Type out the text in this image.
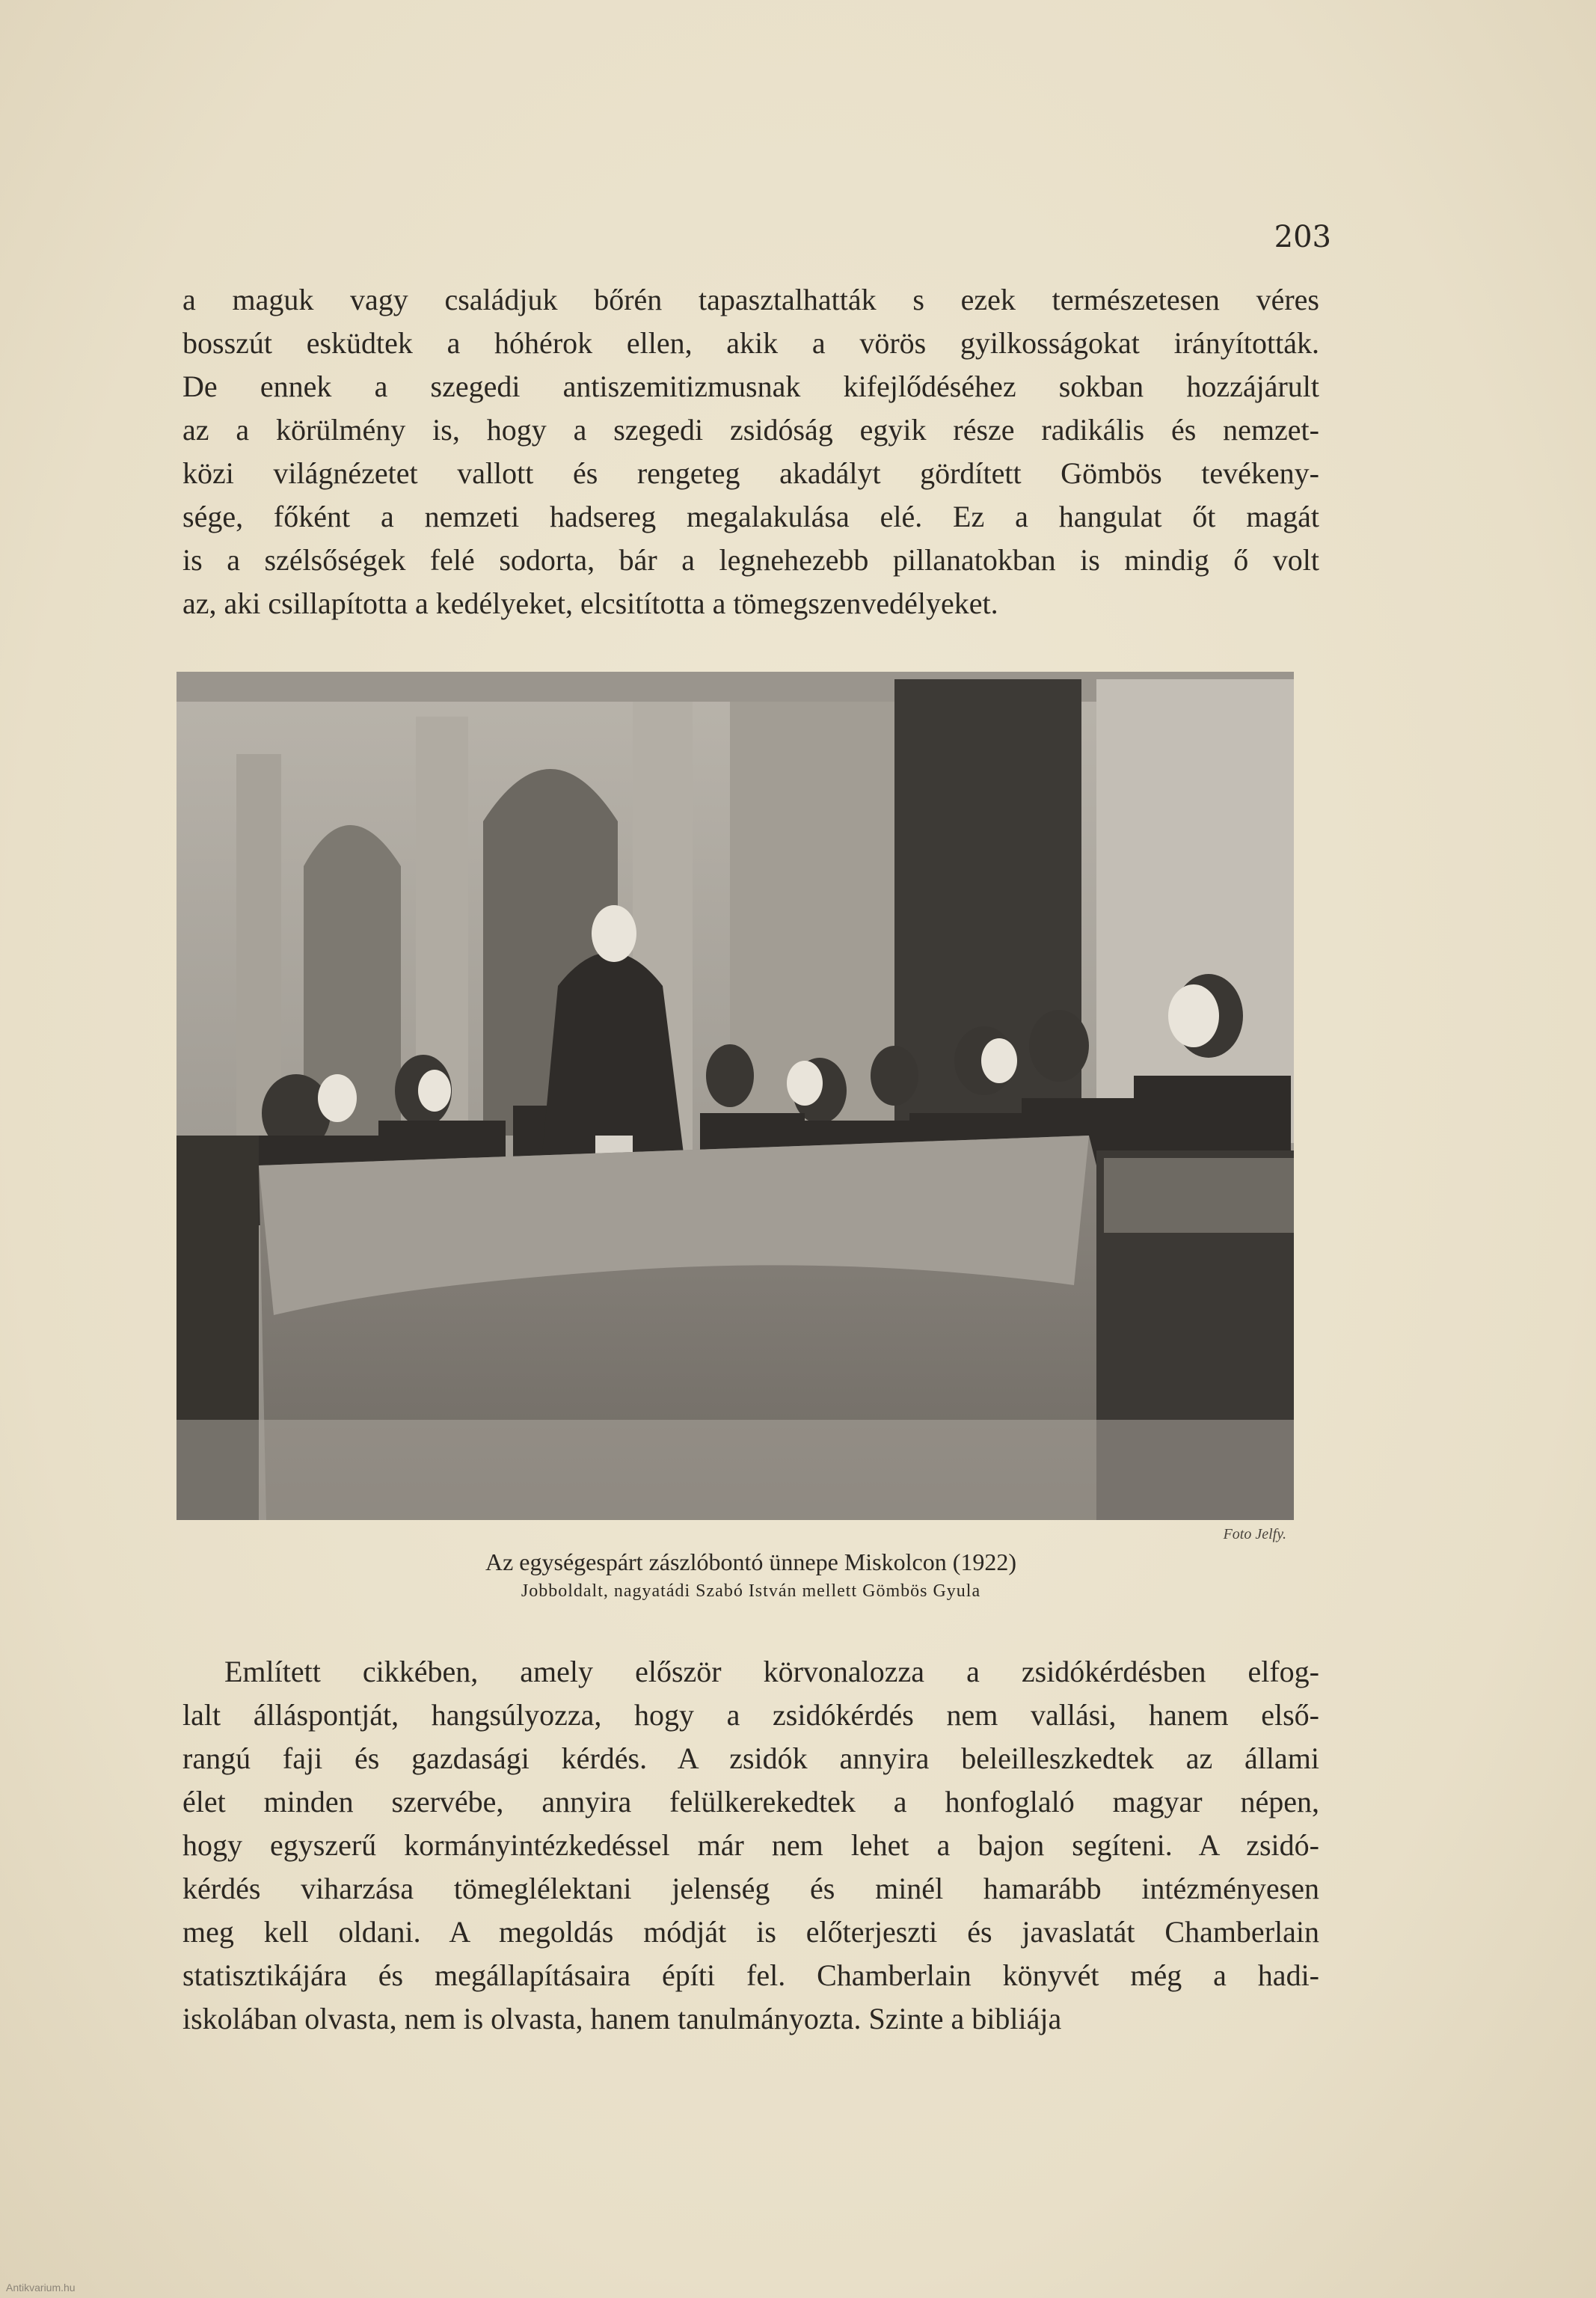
203
a maguk vagy családjuk bőrén tapasztalhatták s ezek természetesen véres
bosszút esküdtek a hóhérok ellen, akik a vörös gyilkosságokat irányították.
De ennek a szegedi antiszemitizmusnak kifejlődéséhez sokban hozzájárult
az a körülmény is, hogy a szegedi zsidóság egyik része radikális és nemzet-
közi világnézetet vallott és rengeteg akadályt gördített Gömbös tevékeny-
sége, főként a nemzeti hadsereg megalakulása elé. Ez a hangulat őt magát
is a szélsőségek felé sodorta, bár a legnehezebb pillanatokban is mindig ő volt
az, aki csillapította a kedélyeket, elcsitította a tömegszenvedélyeket.
Foto Jelfy.
Az egységespárt zászlóbontó ünnepe Miskolcon (1922)
Jobboldalt, nagyatádi Szabó István mellett Gömbös Gyula
Említett cikkében, amely először körvonalozza a zsidókérdésben elfog-
lalt álláspontját, hangsúlyozza, hogy a zsidókérdés nem vallási, hanem első-
rangú faji és gazdasági kérdés. A zsidók annyira beleilleszkedtek az állami
élet minden szervébe, annyira felülkerekedtek a honfoglaló magyar népen,
hogy egyszerű kormányintézkedéssel már nem lehet a bajon segíteni. A zsidó-
kérdés viharzása tömeglélektani jelenség és minél hamarább intézményesen
meg kell oldani. A megoldás módját is előterjeszti és javaslatát Chamberlain
statisztikájára és megállapításaira építi fel. Chamberlain könyvét még a hadi-
iskolában olvasta, nem is olvasta, hanem tanulmányozta. Szinte a bibliája
Antikvarium.hu
